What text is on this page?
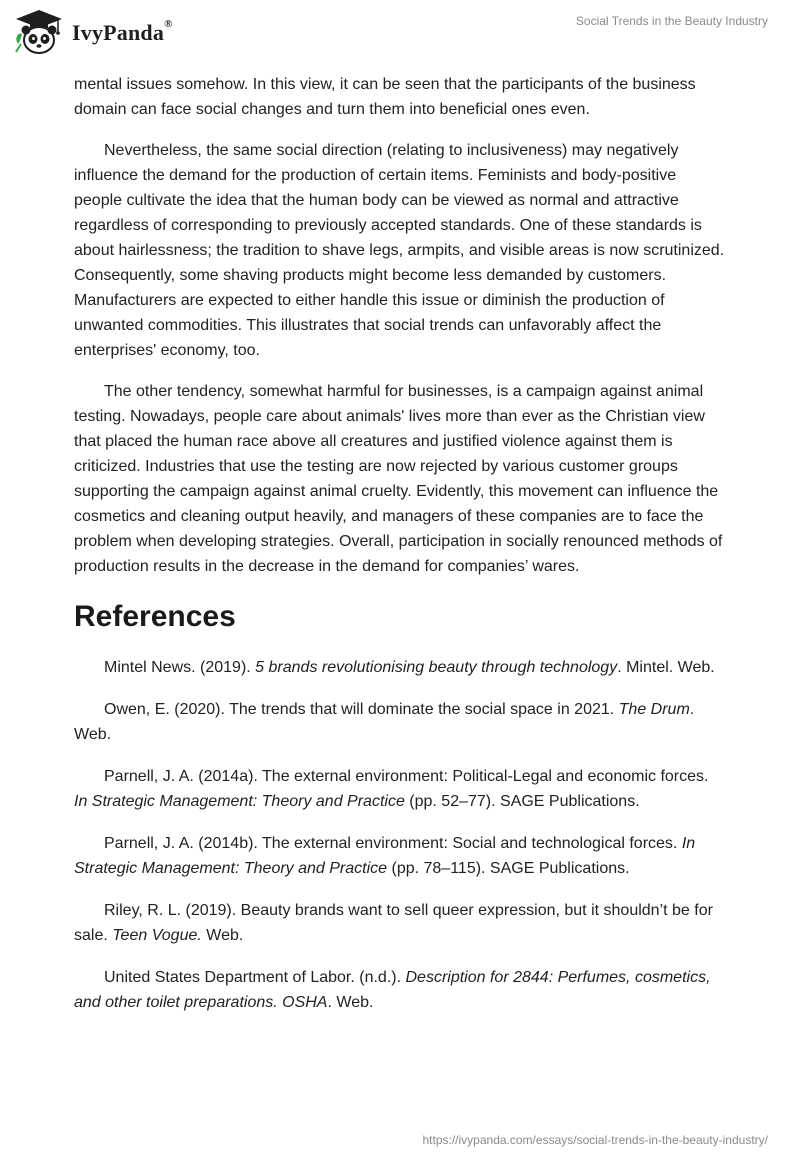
IvyPanda®	Social Trends in the Beauty Industry

mental issues somehow. In this view, it can be seen that the participants of the business domain can face social changes and turn them into beneficial ones even.

Nevertheless, the same social direction (relating to inclusiveness) may negatively influence the demand for the production of certain items. Feminists and body-positive people cultivate the idea that the human body can be viewed as normal and attractive regardless of corresponding to previously accepted standards. One of these standards is about hairlessness; the tradition to shave legs, armpits, and visible areas is now scrutinized. Consequently, some shaving products might become less demanded by customers. Manufacturers are expected to either handle this issue or diminish the production of unwanted commodities. This illustrates that social trends can unfavorably affect the enterprises' economy, too.

The other tendency, somewhat harmful for businesses, is a campaign against animal testing. Nowadays, people care about animals' lives more than ever as the Christian view that placed the human race above all creatures and justified violence against them is criticized. Industries that use the testing are now rejected by various customer groups supporting the campaign against animal cruelty. Evidently, this movement can influence the cosmetics and cleaning output heavily, and managers of these companies are to face the problem when developing strategies. Overall, participation in socially renounced methods of production results in the decrease in the demand for companies’ wares.

References

Mintel News. (2019). 5 brands revolutionising beauty through technology. Mintel. Web.

Owen, E. (2020). The trends that will dominate the social space in 2021. The Drum. Web.

Parnell, J. A. (2014a). The external environment: Political-Legal and economic forces. In Strategic Management: Theory and Practice (pp. 52–77). SAGE Publications.

Parnell, J. A. (2014b). The external environment: Social and technological forces. In Strategic Management: Theory and Practice (pp. 78–115). SAGE Publications.

Riley, R. L. (2019). Beauty brands want to sell queer expression, but it shouldn’t be for sale. Teen Vogue. Web.

United States Department of Labor. (n.d.). Description for 2844: Perfumes, cosmetics, and other toilet preparations. OSHA. Web.

https://ivypanda.com/essays/social-trends-in-the-beauty-industry/
